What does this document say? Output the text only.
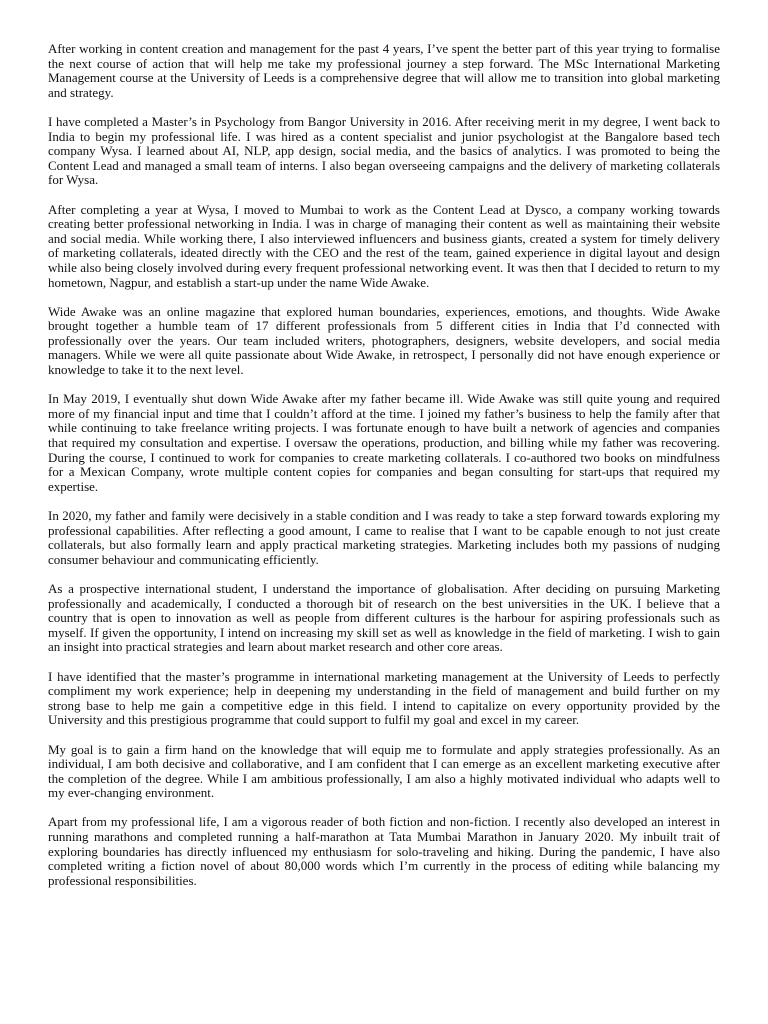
After working in content creation and management for the past 4 years, I’ve spent the better part of this year trying to formalise the next course of action that will help me take my professional journey a step forward. The MSc International Marketing Management course at the University of Leeds is a comprehensive degree that will allow me to transition into global marketing and strategy.

I have completed a Master’s in Psychology from Bangor University in 2016. After receiving merit in my degree, I went back to India to begin my professional life. I was hired as a content specialist and junior psychologist at the Bangalore based tech company Wysa. I learned about AI, NLP, app design, social media, and the basics of analytics. I was promoted to being the Content Lead and managed a small team of interns. I also began overseeing campaigns and the delivery of marketing collaterals for Wysa.

After completing a year at Wysa, I moved to Mumbai to work as the Content Lead at Dysco, a company working towards creating better professional networking in India. I was in charge of managing their content as well as maintaining their website and social media. While working there, I also interviewed influencers and business giants, created a system for timely delivery of marketing collaterals, ideated directly with the CEO and the rest of the team, gained experience in digital layout and design while also being closely involved during every frequent professional networking event. It was then that I decided to return to my hometown, Nagpur, and establish a start-up under the name Wide Awake.

Wide Awake was an online magazine that explored human boundaries, experiences, emotions, and thoughts. Wide Awake brought together a humble team of 17 different professionals from 5 different cities in India that I’d connected with professionally over the years. Our team included writers, photographers, designers, website developers, and social media managers. While we were all quite passionate about Wide Awake, in retrospect, I personally did not have enough experience or knowledge to take it to the next level.

In May 2019, I eventually shut down Wide Awake after my father became ill. Wide Awake was still quite young and required more of my financial input and time that I couldn’t afford at the time. I joined my father’s business to help the family after that while continuing to take freelance writing projects. I was fortunate enough to have built a network of agencies and companies that required my consultation and expertise. I oversaw the operations, production, and billing while my father was recovering. During the course, I continued to work for companies to create marketing collaterals. I co-authored two books on mindfulness for a Mexican Company, wrote multiple content copies for companies and began consulting for start-ups that required my expertise.

In 2020, my father and family were decisively in a stable condition and I was ready to take a step forward towards exploring my professional capabilities. After reflecting a good amount, I came to realise that I want to be capable enough to not just create collaterals, but also formally learn and apply practical marketing strategies. Marketing includes both my passions of nudging consumer behaviour and communicating efficiently.

As a prospective international student, I understand the importance of globalisation. After deciding on pursuing Marketing professionally and academically, I conducted a thorough bit of research on the best universities in the UK. I believe that a country that is open to innovation as well as people from different cultures is the harbour for aspiring professionals such as myself. If given the opportunity, I intend on increasing my skill set as well as knowledge in the field of marketing. I wish to gain an insight into practical strategies and learn about market research and other core areas.

I have identified that the master’s programme in international marketing management at the University of Leeds to perfectly compliment my work experience; help in deepening my understanding in the field of management and build further on my strong base to help me gain a competitive edge in this field. I intend to capitalize on every opportunity provided by the University and this prestigious programme that could support to fulfil my goal and excel in my career.

My goal is to gain a firm hand on the knowledge that will equip me to formulate and apply strategies professionally. As an individual, I am both decisive and collaborative, and I am confident that I can emerge as an excellent marketing executive after the completion of the degree. While I am ambitious professionally, I am also a highly motivated individual who adapts well to my ever-changing environment.

Apart from my professional life, I am a vigorous reader of both fiction and non-fiction. I recently also developed an interest in running marathons and completed running a half-marathon at Tata Mumbai Marathon in January 2020. My inbuilt trait of exploring boundaries has directly influenced my enthusiasm for solo-traveling and hiking. During the pandemic, I have also completed writing a fiction novel of about 80,000 words which I’m currently in the process of editing while balancing my professional responsibilities.
